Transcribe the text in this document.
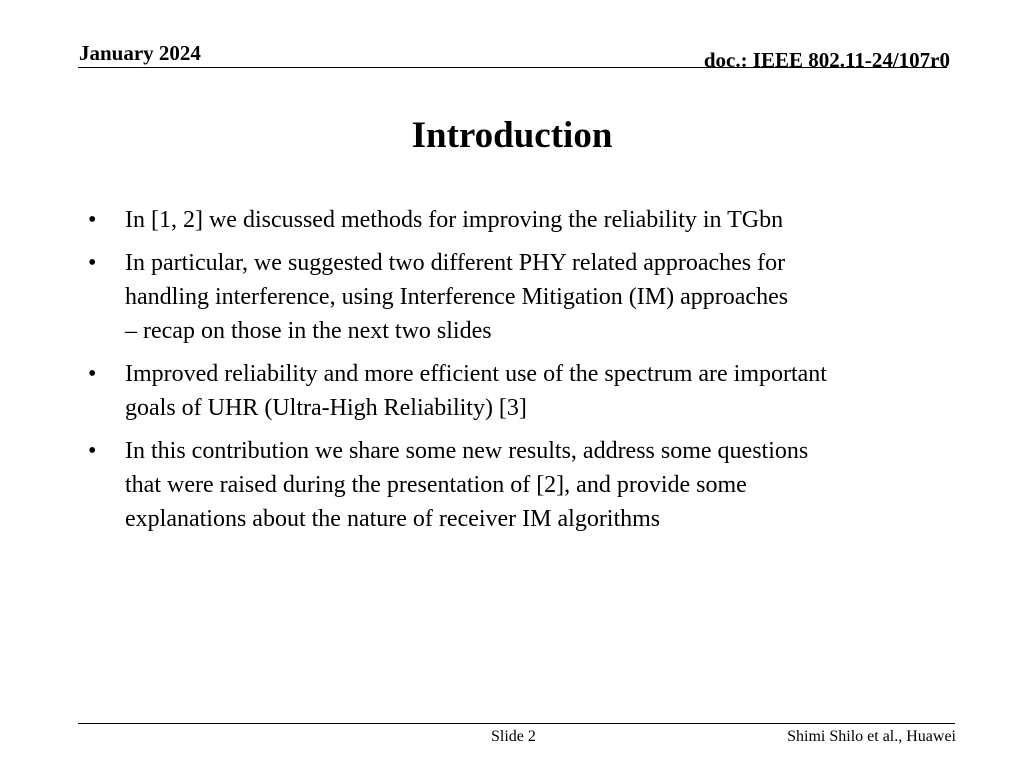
January 2024	doc.: IEEE 802.11-24/107r0
Introduction
• In [1, 2] we discussed methods for improving the reliability in TGbn
• In particular, we suggested two different PHY related approaches for
handling interference, using Interference Mitigation (IM) approaches
– recap on those in the next two slides
• Improved reliability and more efficient use of the spectrum are important
goals of UHR (Ultra-High Reliability) [3]
• In this contribution we share some new results, address some questions
that were raised during the presentation of [2], and provide some
explanations about the nature of receiver IM algorithms
Slide 2	Shimi Shilo et al., Huawei
